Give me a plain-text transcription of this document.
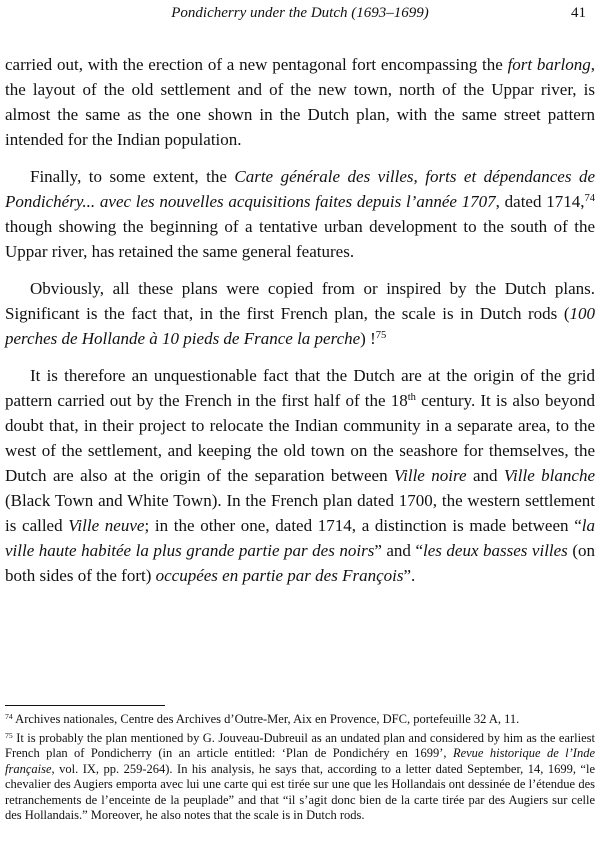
Pondicherry under the Dutch (1693–1699)	41

carried out, with the erection of a new pentagonal fort encompassing the fort barlong, the layout of the old settlement and of the new town, north of the Uppar river, is almost the same as the one shown in the Dutch plan, with the same street pattern intended for the Indian population.

Finally, to some extent, the Carte générale des villes, forts et dépendances de Pondichéry... avec les nouvelles acquisitions faites depuis l’année 1707, dated 1714,74 though showing the beginning of a tentative urban development to the south of the Uppar river, has retained the same general features.

Obviously, all these plans were copied from or inspired by the Dutch plans. Significant is the fact that, in the first French plan, the scale is in Dutch rods (100 perches de Hollande à 10 pieds de France la perche) !$^{75}$

It is therefore an unquestionable fact that the Dutch are at the origin of the grid pattern carried out by the French in the first half of the 18th century. It is also beyond doubt that, in their project to relocate the Indian community in a separate area, to the west of the settlement, and keeping the old town on the seashore for themselves, the Dutch are also at the origin of the separation between Ville noire and Ville blanche (Black Town and White Town). In the French plan dated 1700, the western settlement is called Ville neuve; in the other one, dated 1714, a distinction is made between “la ville haute habitée la plus grande partie par des noirs” and “les deux basses villes (on both sides of the fort) occupées en partie par des François”.

$^{74}$ Archives nationales, Centre des Archives d’Outre-Mer, Aix en Provence, DFC, portefeuille 32 A, 11.

$^{75}$ It is probably the plan mentioned by G. Jouveau-Dubreuil as an undated plan and considered by him as the earliest French plan of Pondicherry (in an article entitled: ‘Plan de Pondichéry en 1699’, Revue historique de l’Inde française, vol. IX, pp. 259-264). In his analysis, he says that, according to a letter dated September, 14, 1699, “le chevalier des Augiers emporta avec lui une carte qui est tirée sur une que les Hollandais ont dessinée de l’étendue des retranchements de l’enceinte de la peuplade” and that “il s’agit donc bien de la carte tirée par des Augiers sur celle des Hollandais.” Moreover, he also notes that the scale is in Dutch rods.
